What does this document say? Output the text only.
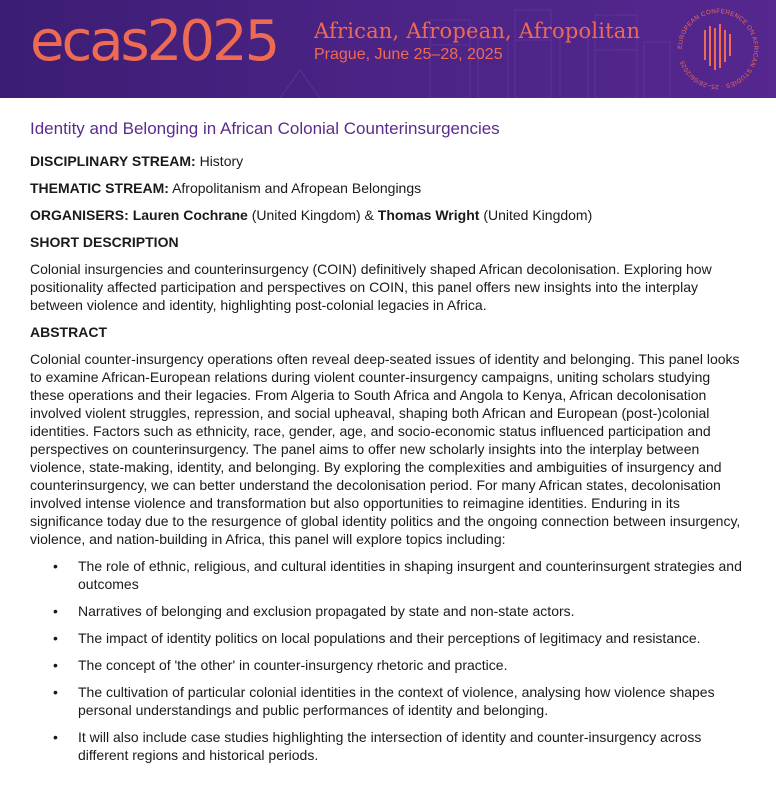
ecas2025 African, Afropean, Afropolitan
Prague, June 25–28, 2025	EUROPEAN CONFERENCE ON AFRICAN STUDIES · 25–28/06/2025 ·
Identity and Belonging in African Colonial Counterinsurgencies
DISCIPLINARY STREAM: History
THEMATIC STREAM: Afropolitanism and Afropean Belongings
ORGANISERS: Lauren Cochrane (United Kingdom) & Thomas Wright (United Kingdom)
SHORT DESCRIPTION
Colonial insurgencies and counterinsurgency (COIN) definitively shaped African decolonisation. Exploring how positionality affected participation and perspectives on COIN, this panel offers new insights into the interplay between violence and identity, highlighting post-colonial legacies in Africa.
ABSTRACT
Colonial counter-insurgency operations often reveal deep-seated issues of identity and belonging. This panel looks to examine African-European relations during violent counter-insurgency campaigns, uniting scholars studying these operations and their legacies. From Algeria to South Africa and Angola to Kenya, African decolonisation involved violent struggles, repression, and social upheaval, shaping both African and European (post-)colonial identities. Factors such as ethnicity, race, gender, age, and socio-economic status influenced participation and perspectives on counterinsurgency. The panel aims to offer new scholarly insights into the interplay between violence, state-making, identity, and belonging. By exploring the complexities and ambiguities of insurgency and counterinsurgency, we can better understand the decolonisation period. For many African states, decolonisation involved intense violence and transformation but also opportunities to reimagine identities. Enduring in its significance today due to the resurgence of global identity politics and the ongoing connection between insurgency, violence, and nation-building in Africa, this panel will explore topics including:
• The role of ethnic, religious, and cultural identities in shaping insurgent and counterinsurgent strategies and outcomes
• Narratives of belonging and exclusion propagated by state and non-state actors.
• The impact of identity politics on local populations and their perceptions of legitimacy and resistance.
• The concept of 'the other' in counter-insurgency rhetoric and practice.
• The cultivation of particular colonial identities in the context of violence, analysing how violence shapes personal understandings and public performances of identity and belonging.
• It will also include case studies highlighting the intersection of identity and counter-insurgency across different regions and historical periods.
